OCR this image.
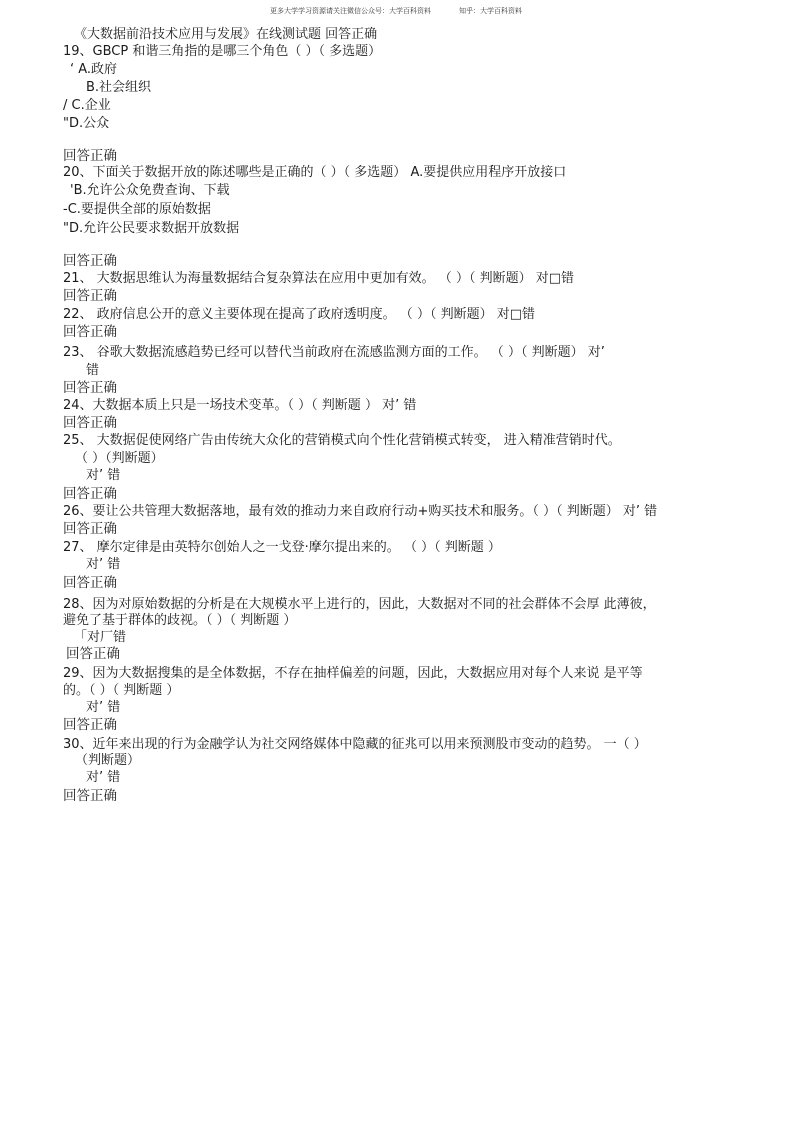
更多大学学习资源请关注微信公众号：大学百科资料	知乎：大学百科资料
《大数据前沿技术应用与发展》在线测试题 回答正确
19、GBCP 和谐三角指的是哪三个角色（ ）（ 多选题）
‘ A.政府
B.社会组织
/ C.企业
"D.公众
回答正确
20、下面关于数据开放的陈述哪些是正确的（ ）（ 多选题） A.要提供应用程序开放接口
'B.允许公众免费查询、下载
-C.要提供全部的原始数据
"D.允许公民要求数据开放数据
回答正确
21、 大数据思维认为海量数据结合复杂算法在应用中更加有效。 （ ）（ 判断题） 对□错
回答正确
22、 政府信息公开的意义主要体现在提高了政府透明度。 （ ）（ 判断题） 对□错
回答正确
23、 谷歌大数据流感趋势已经可以替代当前政府在流感监测方面的工作。 （ ）（ 判断题） 对’
错
回答正确
24、大数据本质上只是一场技术变革。（ ）（ 判断题 ） 对’ 错
回答正确
25、 大数据促使网络广告由传统大众化的营销模式向个性化营销模式转变， 进入精准营销时代。
（ ）（判断题）
对’ 错
回答正确
26、要让公共管理大数据落地，最有效的推动力来自政府行动+购买技术和服务。（ ）（ 判断题） 对’ 错
回答正确
27、 摩尔定律是由英特尔创始人之一戈登·摩尔提出来的。 （ ）（ 判断题 ）
对’ 错
回答正确
28、因为对原始数据的分析是在大规模水平上进行的，因此，大数据对不同的社会群体不会厚 此薄彼，
避免了基于群体的歧视。（ ）（ 判断题 ）
「对厂错
回答正确
29、因为大数据搜集的是全体数据，不存在抽样偏差的问题，因此，大数据应用对每个人来说 是平等
的。（ ）（ 判断题 ）
对’ 错
回答正确
30、近年来出现的行为金融学认为社交网络媒体中隐藏的征兆可以用来预测股市变动的趋势。 一（ ）
（判断题）
对’ 错
回答正确
